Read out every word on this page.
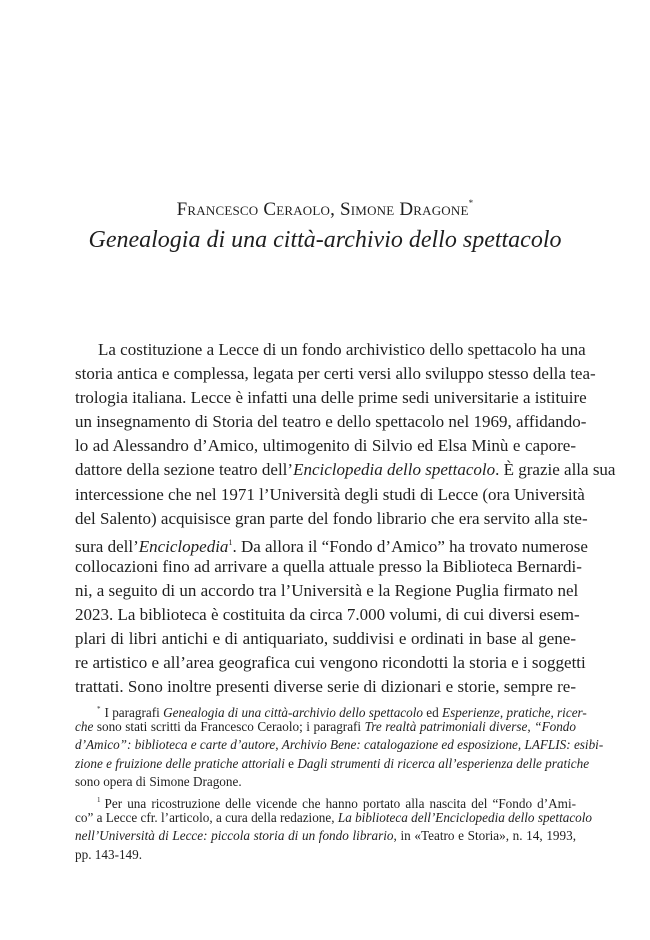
Francesco Ceraolo, Simone Dragone*
Genealogia di una città-archivio dello spettacolo
La costituzione a Lecce di un fondo archivistico dello spettacolo ha una
storia antica e complessa, legata per certi versi allo sviluppo stesso della tea-
trologia italiana. Lecce è infatti una delle prime sedi universitarie a istituire
un insegnamento di Storia del teatro e dello spettacolo nel 1969, affidando-
lo ad Alessandro d’Amico, ultimogenito di Silvio ed Elsa Minù e capore-
dattore della sezione teatro dell’Enciclopedia dello spettacolo. È grazie alla sua
intercessione che nel 1971 l’Università degli studi di Lecce (ora Università
del Salento) acquisisce gran parte del fondo librario che era servito alla ste-
sura dell’Enciclopedia$^1$. Da allora il “Fondo d’Amico” ha trovato numerose
collocazioni fino ad arrivare a quella attuale presso la Biblioteca Bernardi-
ni, a seguito di un accordo tra l’Università e la Regione Puglia firmato nel
2023. La biblioteca è costituita da circa 7.000 volumi, di cui diversi esem-
plari di libri antichi e di antiquariato, suddivisi e ordinati in base al gene-
re artistico e all’area geografica cui vengono ricondotti la storia e i soggetti
trattati. Sono inoltre presenti diverse serie di dizionari e storie, sempre re-
* I paragrafi Genealogia di una città-archivio dello spettacolo ed Esperienze, pratiche, ricer-
che sono stati scritti da Francesco Ceraolo; i paragrafi Tre realtà patrimoniali diverse, “Fondo
d’Amico”: biblioteca e carte d’autore, Archivio Bene: catalogazione ed esposizione, LAFLIS: esibi-
zione e fruizione delle pratiche attoriali e Dagli strumenti di ricerca all’esperienza delle pratiche
sono opera di Simone Dragone.
$^1$ Per una ricostruzione delle vicende che hanno portato alla nascita del “Fondo d’Ami-
co” a Lecce cfr. l’articolo, a cura della redazione, La biblioteca dell’Enciclopedia dello spettacolo
nell’Università di Lecce: piccola storia di un fondo librario, in «Teatro e Storia», n. 14, 1993,
pp. 143-149.
